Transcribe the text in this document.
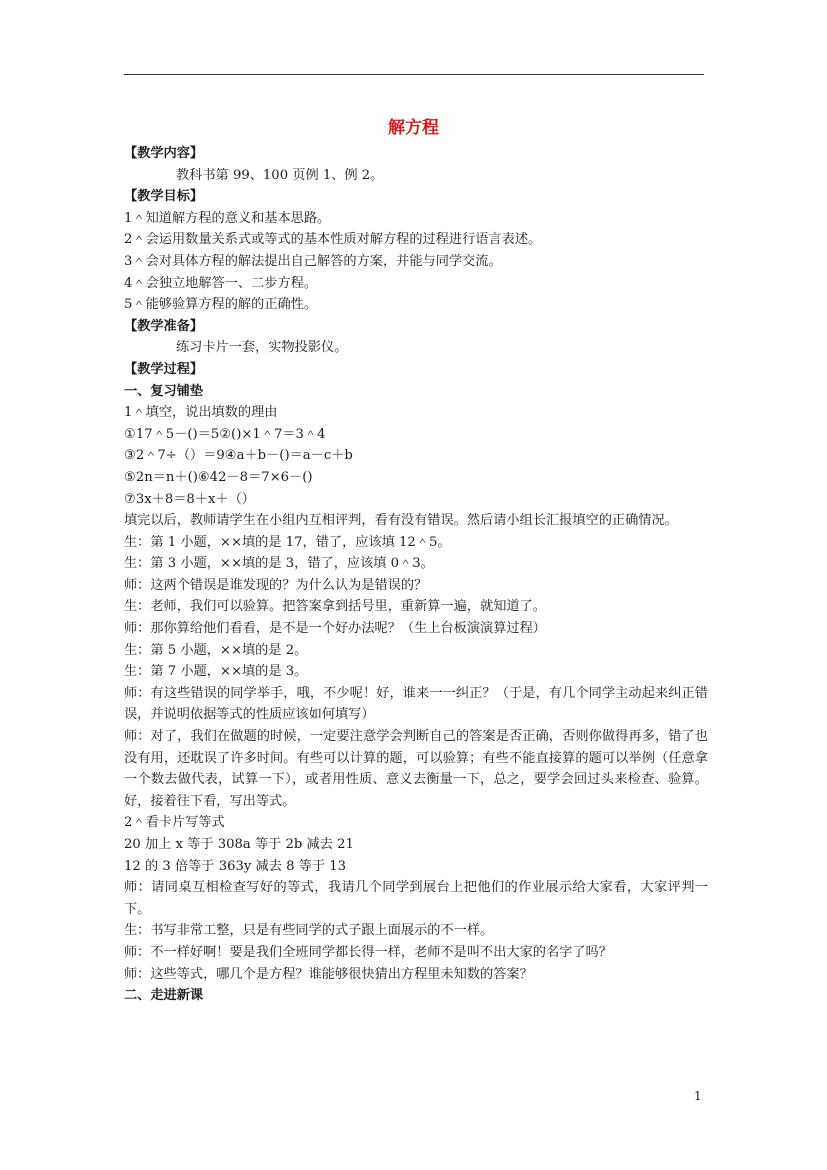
解方程
【教学内容】
教科书第 99、100 页例 1、例 2。
【教学目标】
1＾知道解方程的意义和基本思路。
2＾会运用数量关系式或等式的基本性质对解方程的过程进行语言表述。
3＾会对具体方程的解法提出自己解答的方案，并能与同学交流。
4＾会独立地解答一、二步方程。
5＾能够验算方程的解的正确性。
【教学准备】
练习卡片一套，实物投影仪。
【教学过程】
一、复习铺垫
1＾填空，说出填数的理由
①17＾5－()＝5②()×1＾7＝3＾4
③2＾7÷（）＝9④a＋b－()＝a－c＋b
⑤2n＝n＋()⑥42－8＝7×6－()
⑦3x＋8＝8＋x＋（）
填完以后，教师请学生在小组内互相评判，看有没有错误。然后请小组长汇报填空的正确情况。
生：第 1 小题，××填的是 17，错了，应该填 12＾5。
生：第 3 小题，××填的是 3，错了，应该填 0＾3。
师：这两个错误是谁发现的？为什么认为是错误的？
生：老师，我们可以验算。把答案拿到括号里，重新算一遍，就知道了。
师：那你算给他们看看，是不是一个好办法呢？（生上台板演演算过程）
生：第 5 小题，××填的是 2。
生：第 7 小题，××填的是 3。
师：有这些错误的同学举手，哦，不少呢！好，谁来一一纠正？（于是，有几个同学主动起来纠正错误，并说明依据等式的性质应该如何填写）
师：对了，我们在做题的时候，一定要注意学会判断自己的答案是否正确，否则你做得再多，错了也没有用，还耽误了许多时间。有些可以计算的题，可以验算；有些不能直接算的题可以举例（任意拿一个数去做代表，试算一下），或者用性质、意义去衡量一下，总之，要学会回过头来检查、验算。好，接着往下看，写出等式。
2＾看卡片写等式
20 加上 x 等于 308a 等于 2b 减去 21
12 的 3 倍等于 363y 减去 8 等于 13
师：请同桌互相检查写好的等式，我请几个同学到展台上把他们的作业展示给大家看，大家评判一下。
生：书写非常工整，只是有些同学的式子跟上面展示的不一样。
师：不一样好啊！要是我们全班同学都长得一样，老师不是叫不出大家的名字了吗？
师：这些等式，哪几个是方程？谁能够很快猜出方程里未知数的答案？
二、走进新课
1
